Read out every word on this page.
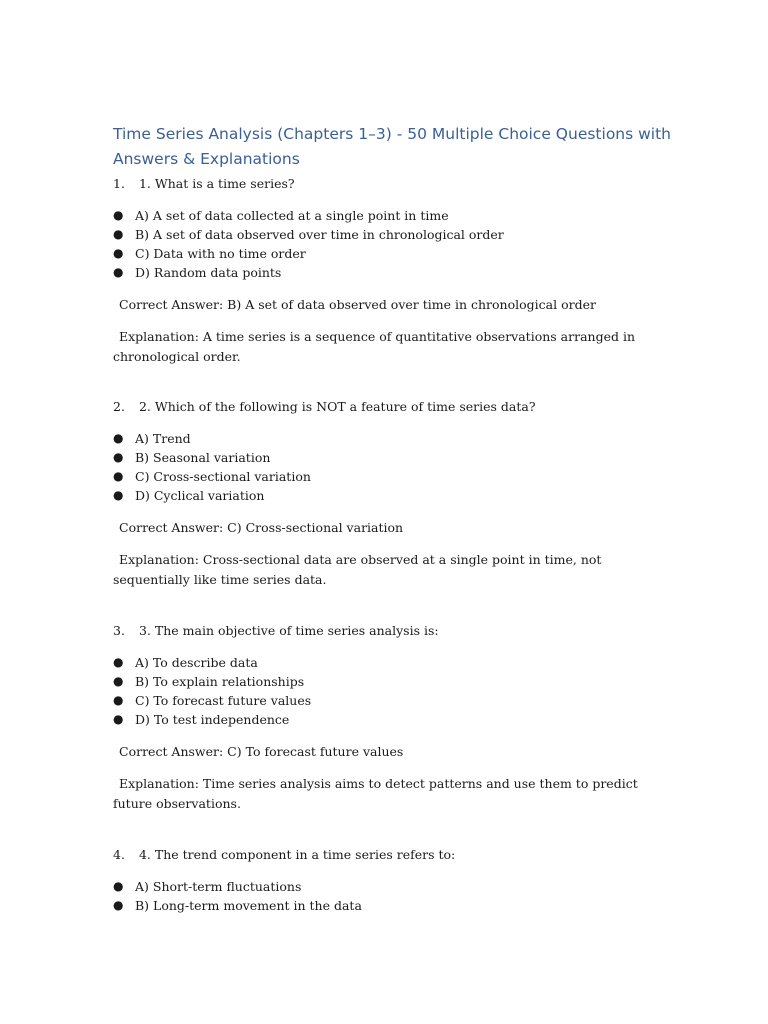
Time Series Analysis (Chapters 1–3) - 50 Multiple Choice Questions with Answers & Explanations
1. 1. What is a time series?
● A) A set of data collected at a single point in time
● B) A set of data observed over time in chronological order
● C) Data with no time order
● D) Random data points
Correct Answer: B) A set of data observed over time in chronological order
Explanation: A time series is a sequence of quantitative observations arranged in chronological order.
2. 2. Which of the following is NOT a feature of time series data?
● A) Trend
● B) Seasonal variation
● C) Cross-sectional variation
● D) Cyclical variation
Correct Answer: C) Cross-sectional variation
Explanation: Cross-sectional data are observed at a single point in time, not sequentially like time series data.
3. 3. The main objective of time series analysis is:
● A) To describe data
● B) To explain relationships
● C) To forecast future values
● D) To test independence
Correct Answer: C) To forecast future values
Explanation: Time series analysis aims to detect patterns and use them to predict future observations.
4. 4. The trend component in a time series refers to:
● A) Short-term fluctuations
● B) Long-term movement in the data
